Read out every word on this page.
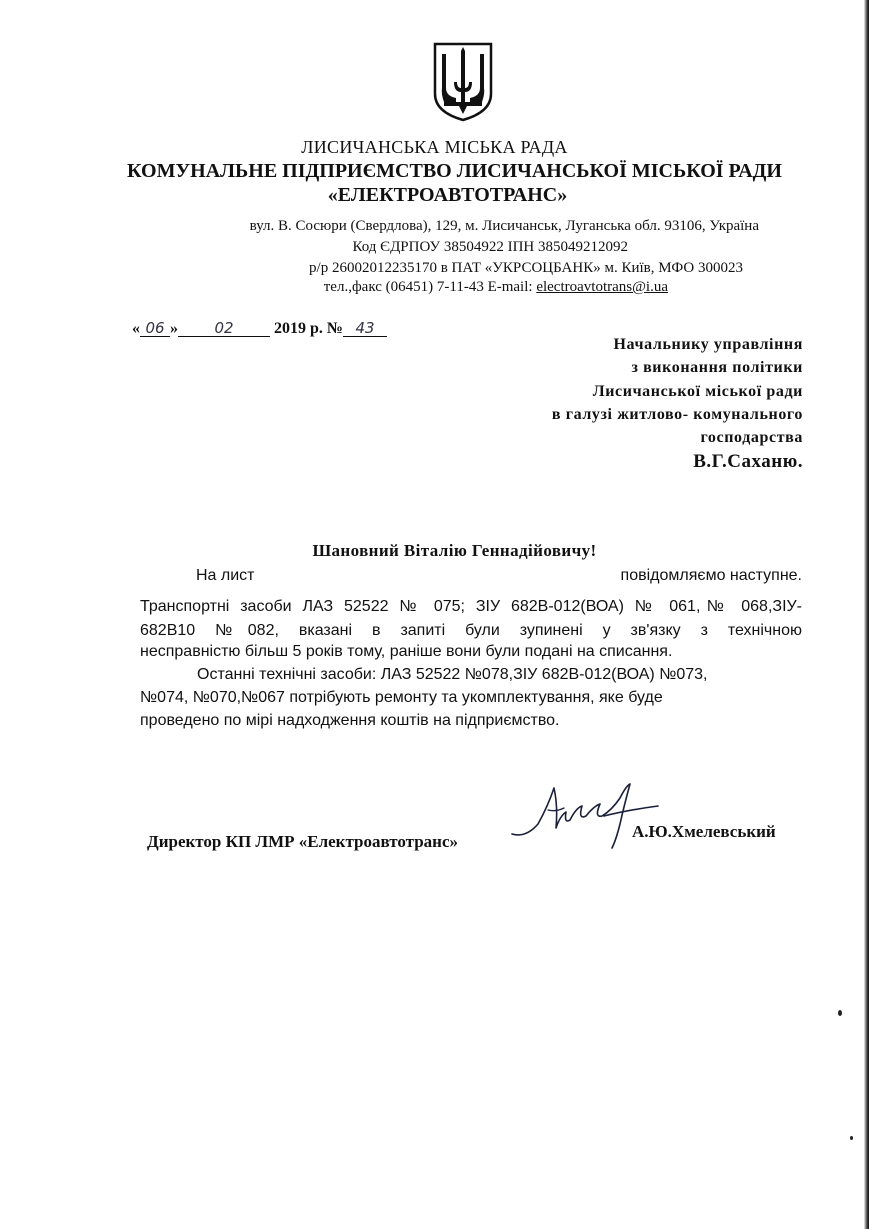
ЛИСИЧАНСЬКА МІСЬКА РАДА
КОМУНАЛЬНЕ ПІДПРИЄМСТВО ЛИСИЧАНСЬКОЇ МІСЬКОЇ РАДИ
«ЕЛЕКТРОАВТОТРАНС»
вул. В. Сосюри (Свердлова), 129, м. Лисичанськ, Луганська обл. 93106, Україна
Код ЄДРПОУ 38504922 ІПН 385049212092
р/р 26002012235170 в ПАТ «УКРСОЦБАНК» м. Київ, МФО 300023
тел.,факс (06451) 7-11-43 E-mail: electroavtotrans@i.ua
« 06 » 02 2019 р. № 43
Начальнику управління
з виконання політики
Лисичанської міської ради
в галузі житлово- комунального
господарства
В.Г.Саханю.
Шановний Віталію Геннадійовичу!
На лист	повідомляємо наступне.
Транспортні засоби ЛАЗ 52522 № 075; ЗІУ 682В-012(ВОА) № 061,№ 068,ЗІУ-
682В10 №082, вказані в запиті були зупинені у зв'язку з технічною
несправністю більш 5 років тому, раніше вони були подані на списання.
Останні технічні засоби: ЛАЗ 52522 №078,ЗІУ 682В-012(ВОА) №073,
№074, №070,№067 потрібують ремонту та укомплектування, яке буде
проведено по мірі надходження коштів на підприємство.
Директор КП ЛМР «Електроавтотранс»
А.Ю.Хмелевський
